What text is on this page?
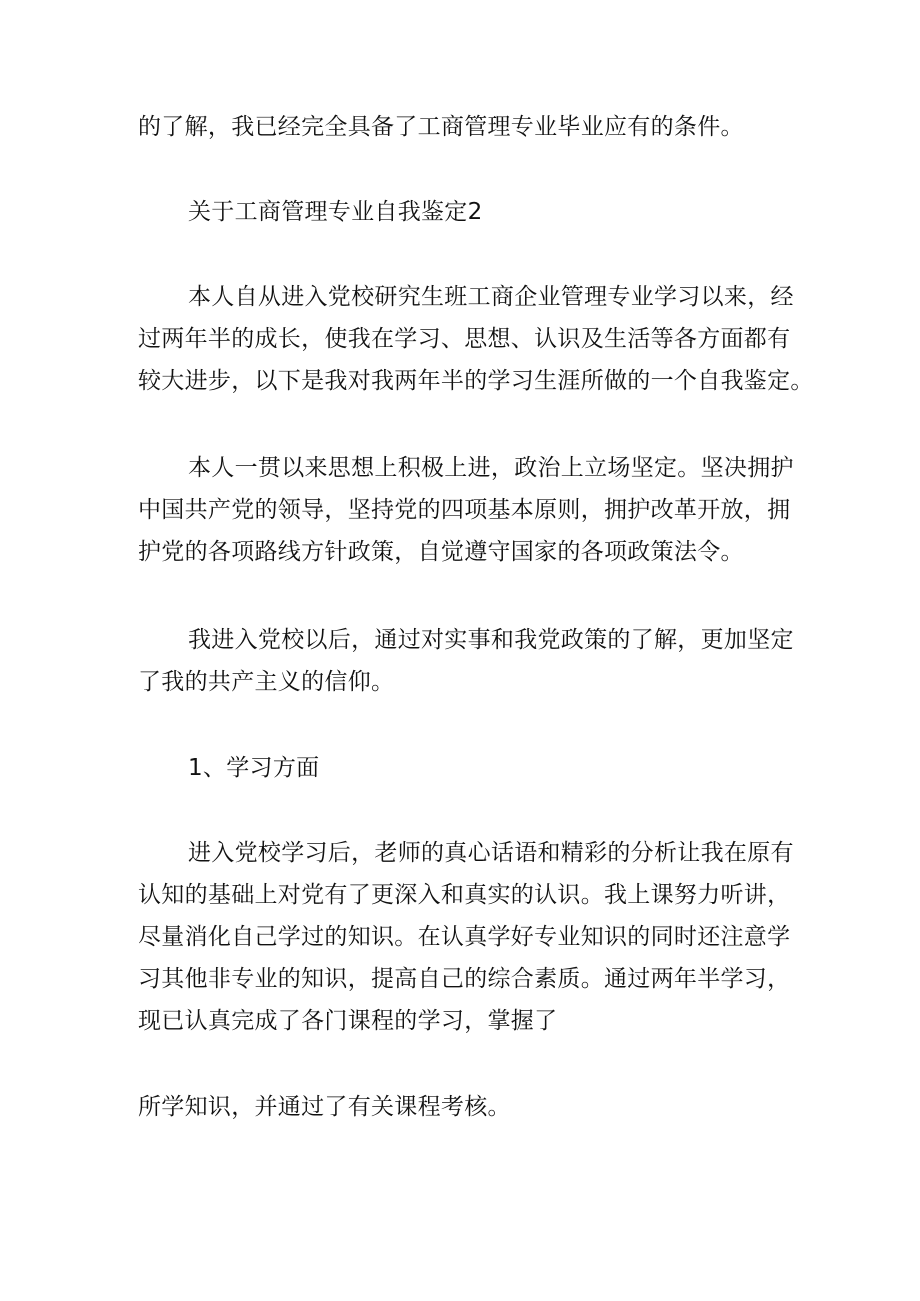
的了解，我已经完全具备了工商管理专业毕业应有的条件。
关于工商管理专业自我鉴定2
本人自从进入党校研究生班工商企业管理专业学习以来，经
过两年半的成长，使我在学习、思想、认识及生活等各方面都有
较大进步，以下是我对我两年半的学习生涯所做的一个自我鉴定。
本人一贯以来思想上积极上进，政治上立场坚定。坚决拥护
中国共产党的领导，坚持党的四项基本原则，拥护改革开放，拥
护党的各项路线方针政策，自觉遵守国家的各项政策法令。
我进入党校以后，通过对实事和我党政策的了解，更加坚定
了我的共产主义的信仰。
1、学习方面
进入党校学习后，老师的真心话语和精彩的分析让我在原有
认知的基础上对党有了更深入和真实的认识。我上课努力听讲，
尽量消化自己学过的知识。在认真学好专业知识的同时还注意学
习其他非专业的知识，提高自己的综合素质。通过两年半学习，
现已认真完成了各门课程的学习，掌握了
所学知识，并通过了有关课程考核。
